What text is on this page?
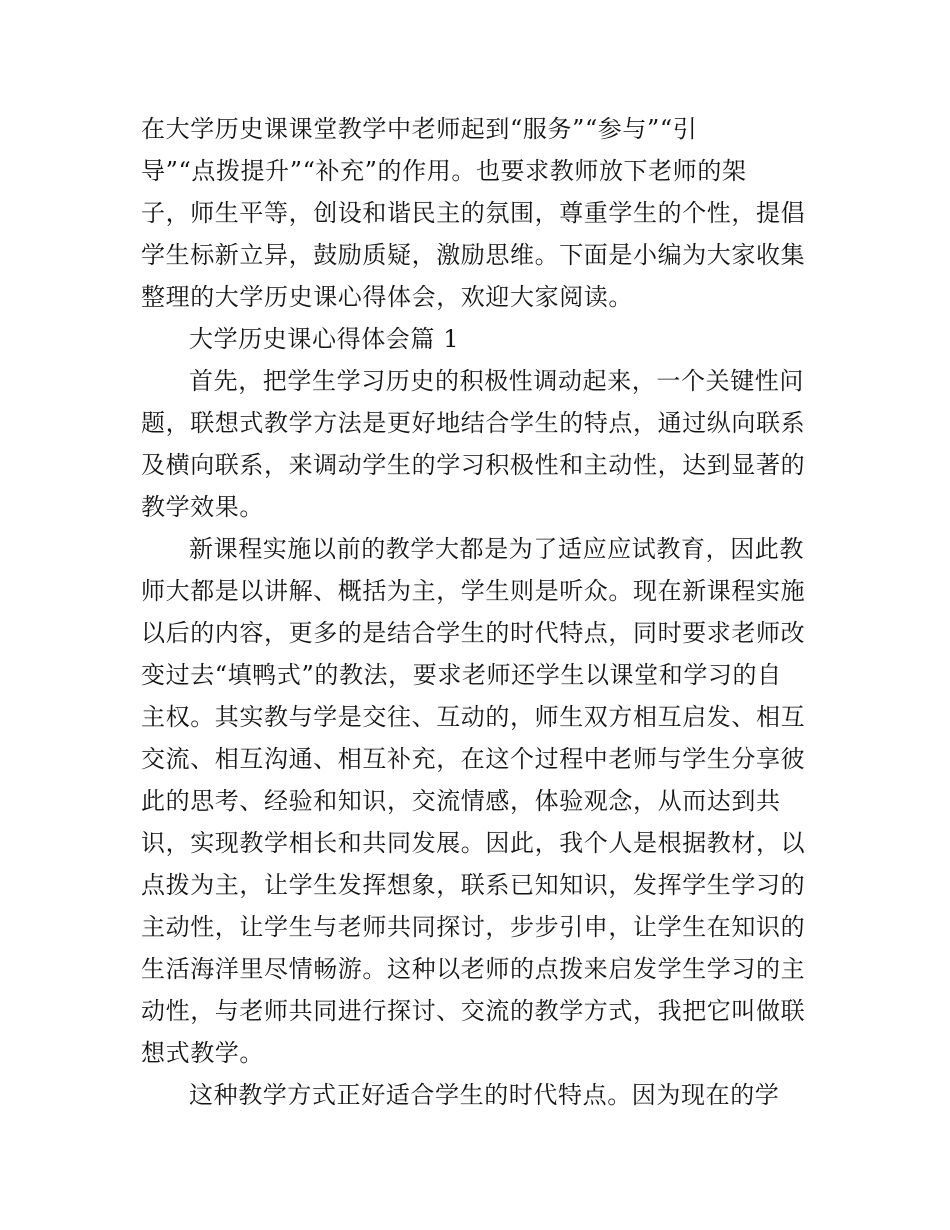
在大学历史课课堂教学中老师起到“服务”“参与”“引
导”“点拨提升”“补充”的作用。也要求教师放下老师的架
子，师生平等，创设和谐民主的氛围，尊重学生的个性，提倡
学生标新立异，鼓励质疑，激励思维。下面是小编为大家收集
整理的大学历史课心得体会，欢迎大家阅读。
大学历史课心得体会篇 1
首先，把学生学习历史的积极性调动起来，一个关键性问
题，联想式教学方法是更好地结合学生的特点，通过纵向联系
及横向联系，来调动学生的学习积极性和主动性，达到显著的
教学效果。
新课程实施以前的教学大都是为了适应应试教育，因此教
师大都是以讲解、概括为主，学生则是听众。现在新课程实施
以后的内容，更多的是结合学生的时代特点，同时要求老师改
变过去“填鸭式”的教法，要求老师还学生以课堂和学习的自
主权。其实教与学是交往、互动的，师生双方相互启发、相互
交流、相互沟通、相互补充，在这个过程中老师与学生分享彼
此的思考、经验和知识，交流情感，体验观念，从而达到共
识，实现教学相长和共同发展。因此，我个人是根据教材，以
点拨为主，让学生发挥想象，联系已知知识，发挥学生学习的
主动性，让学生与老师共同探讨，步步引申，让学生在知识的
生活海洋里尽情畅游。这种以老师的点拨来启发学生学习的主
动性，与老师共同进行探讨、交流的教学方式，我把它叫做联
想式教学。
这种教学方式正好适合学生的时代特点。因为现在的学
